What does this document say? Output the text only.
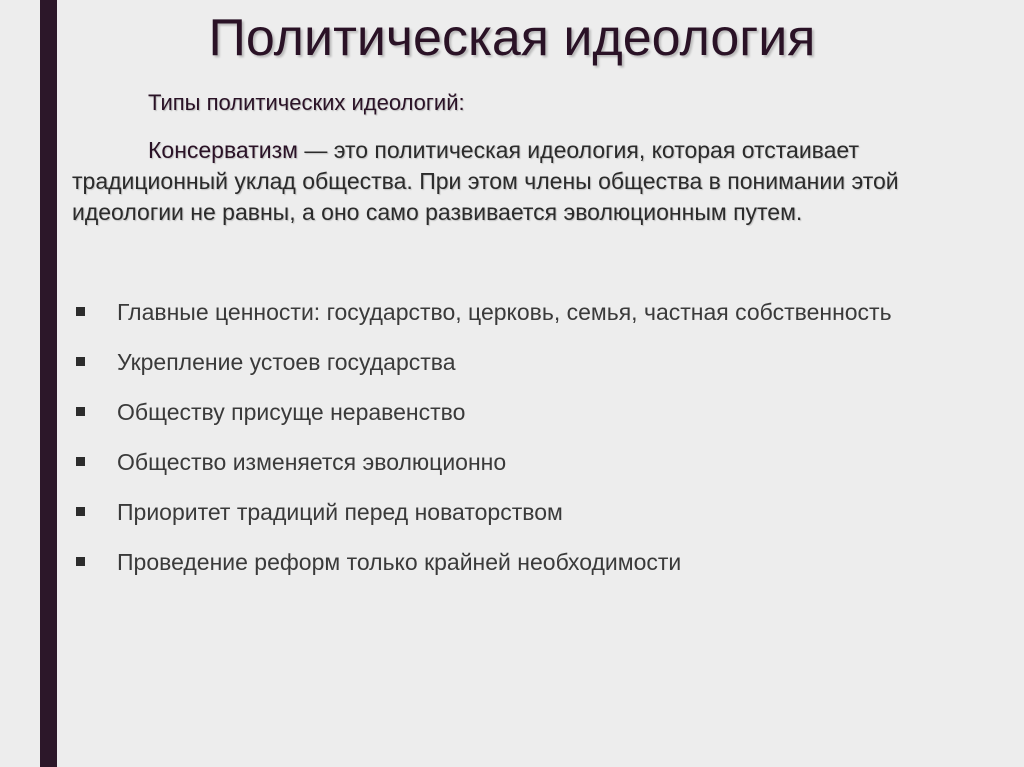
Политическая идеология
Типы политических идеологий:
Консерватизм — это политическая идеология, которая отстаивает традиционный уклад общества. При этом члены общества в понимании этой идеологии не равны, а оно само развивается эволюционным путем.
Главные ценности: государство, церковь, семья, частная собственность
Укрепление устоев государства
Обществу присуще неравенство
Общество изменяется эволюционно
Приоритет традиций перед новаторством
Проведение реформ только крайней необходимости
